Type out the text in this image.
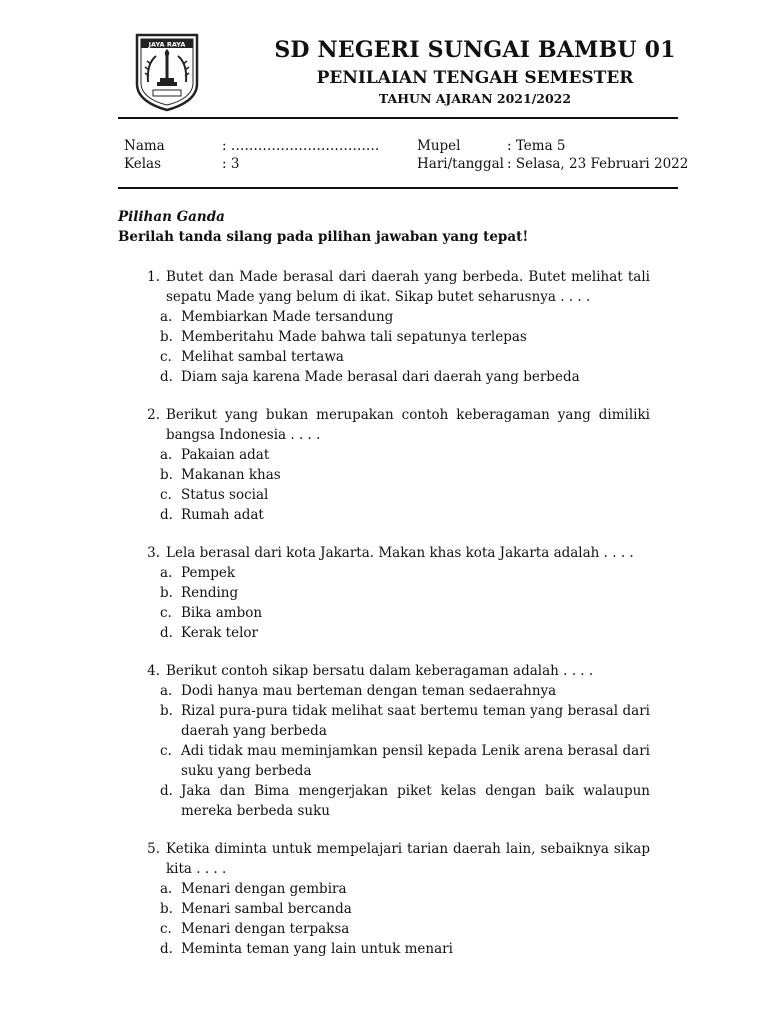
JAYA RAYA	SD NEGERI SUNGAI BAMBU 01
PENILAIAN TENGAH SEMESTER
TAHUN AJARAN 2021/2022
Nama	: ……………………………
Kelas	: 3
Mupel	: Tema 5
Hari/tanggal : Selasa, 23 Februari 2022
Pilihan Ganda
Berilah tanda silang pada pilihan jawaban yang tepat!
1. Butet dan Made berasal dari daerah yang berbeda. Butet melihat tali sepatu Made yang belum di ikat. Sikap butet seharusnya . . . .
a. Membiarkan Made tersandung
b. Memberitahu Made bahwa tali sepatunya terlepas
c. Melihat sambal tertawa
d. Diam saja karena Made berasal dari daerah yang berbeda
2. Berikut yang bukan merupakan contoh keberagaman yang dimiliki bangsa Indonesia . . . .
a. Pakaian adat
b. Makanan khas
c. Status social
d. Rumah adat
3. Lela berasal dari kota Jakarta. Makan khas kota Jakarta adalah . . . .
a. Pempek
b. Rending
c. Bika ambon
d. Kerak telor
4. Berikut contoh sikap bersatu dalam keberagaman adalah . . . .
a. Dodi hanya mau berteman dengan teman sedaerahnya
b. Rizal pura-pura tidak melihat saat bertemu teman yang berasal dari daerah yang berbeda
c. Adi tidak mau meminjamkan pensil kepada Lenik arena berasal dari suku yang berbeda
d. Jaka dan Bima mengerjakan piket kelas dengan baik walaupun mereka berbeda suku
5. Ketika diminta untuk mempelajari tarian daerah lain, sebaiknya sikap kita . . . .
a. Menari dengan gembira
b. Menari sambal bercanda
c. Menari dengan terpaksa
d. Meminta teman yang lain untuk menari
